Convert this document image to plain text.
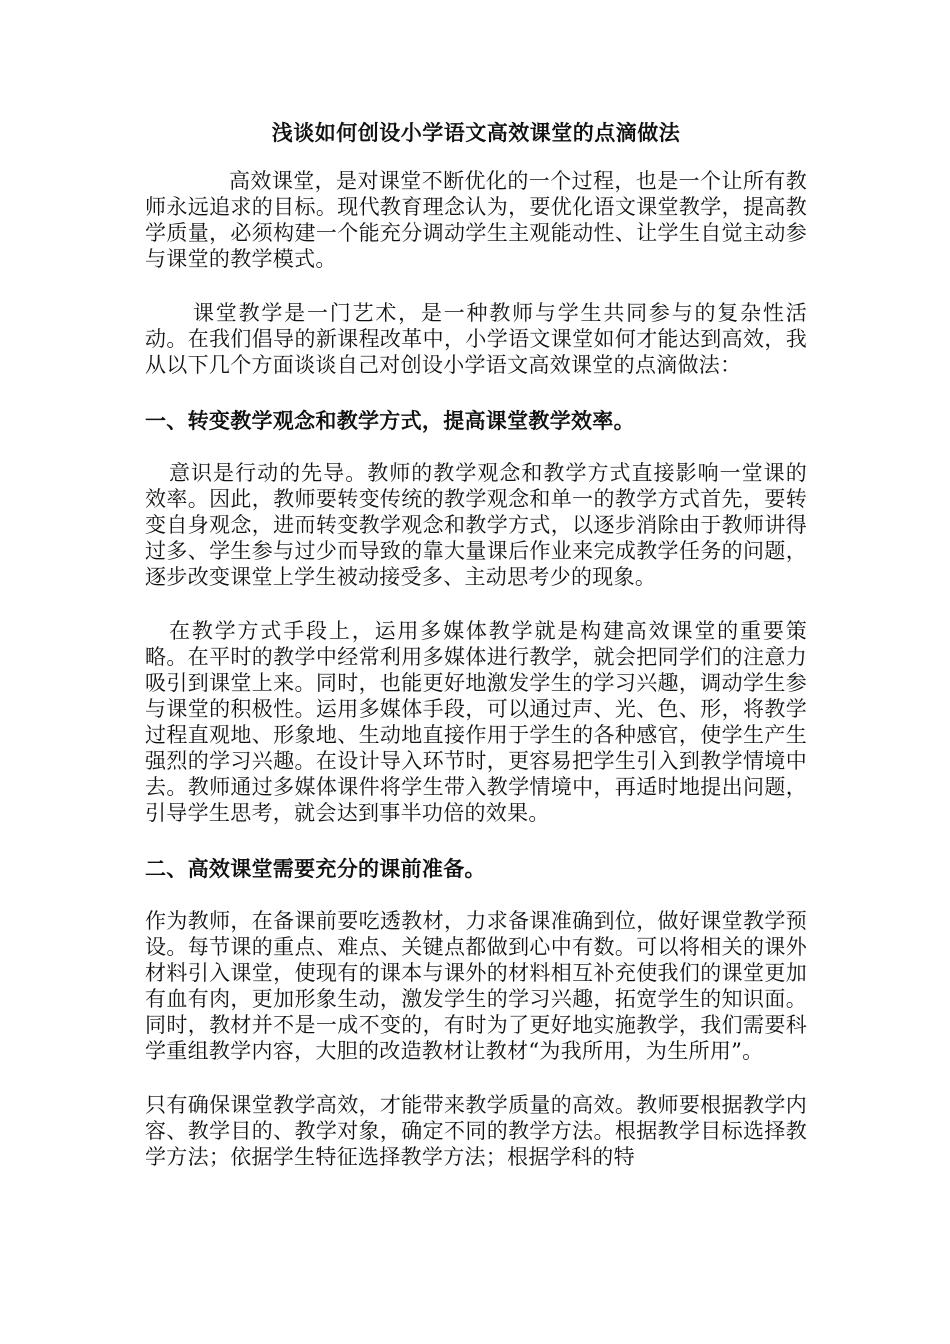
浅谈如何创设小学语文高效课堂的点滴做法

高效课堂，是对课堂不断优化的一个过程，也是一个让所有教师永远追求的目标。现代教育理念认为，要优化语文课堂教学，提高教学质量，必须构建一个能充分调动学生主观能动性、让学生自觉主动参与课堂的教学模式。

课堂教学是一门艺术，是一种教师与学生共同参与的复杂性活动。在我们倡导的新课程改革中，小学语文课堂如何才能达到高效，我从以下几个方面谈谈自己对创设小学语文高效课堂的点滴做法：

一、转变教学观念和教学方式，提高课堂教学效率。

意识是行动的先导。教师的教学观念和教学方式直接影响一堂课的效率。因此，教师要转变传统的教学观念和单一的教学方式首先，要转变自身观念，进而转变教学观念和教学方式，以逐步消除由于教师讲得过多、学生参与过少而导致的靠大量课后作业来完成教学任务的问题，逐步改变课堂上学生被动接受多、主动思考少的现象。

在教学方式手段上，运用多媒体教学就是构建高效课堂的重要策略。在平时的教学中经常利用多媒体进行教学，就会把同学们的注意力吸引到课堂上来。同时，也能更好地激发学生的学习兴趣，调动学生参与课堂的积极性。运用多媒体手段，可以通过声、光、色、形，将教学过程直观地、形象地、生动地直接作用于学生的各种感官，使学生产生强烈的学习兴趣。在设计导入环节时，更容易把学生引入到教学情境中去。教师通过多媒体课件将学生带入教学情境中，再适时地提出问题，引导学生思考，就会达到事半功倍的效果。

二、高效课堂需要充分的课前准备。

作为教师，在备课前要吃透教材，力求备课准确到位，做好课堂教学预设。每节课的重点、难点、关键点都做到心中有数。可以将相关的课外材料引入课堂，使现有的课本与课外的材料相互补充使我们的课堂更加有血有肉，更加形象生动，激发学生的学习兴趣，拓宽学生的知识面。同时，教材并不是一成不变的，有时为了更好地实施教学，我们需要科学重组教学内容，大胆的改造教材让教材“为我所用，为生所用”。

只有确保课堂教学高效，才能带来教学质量的高效。教师要根据教学内容、教学目的、教学对象，确定不同的教学方法。根据教学目标选择教学方法；依据学生特征选择教学方法；根据学科的特
